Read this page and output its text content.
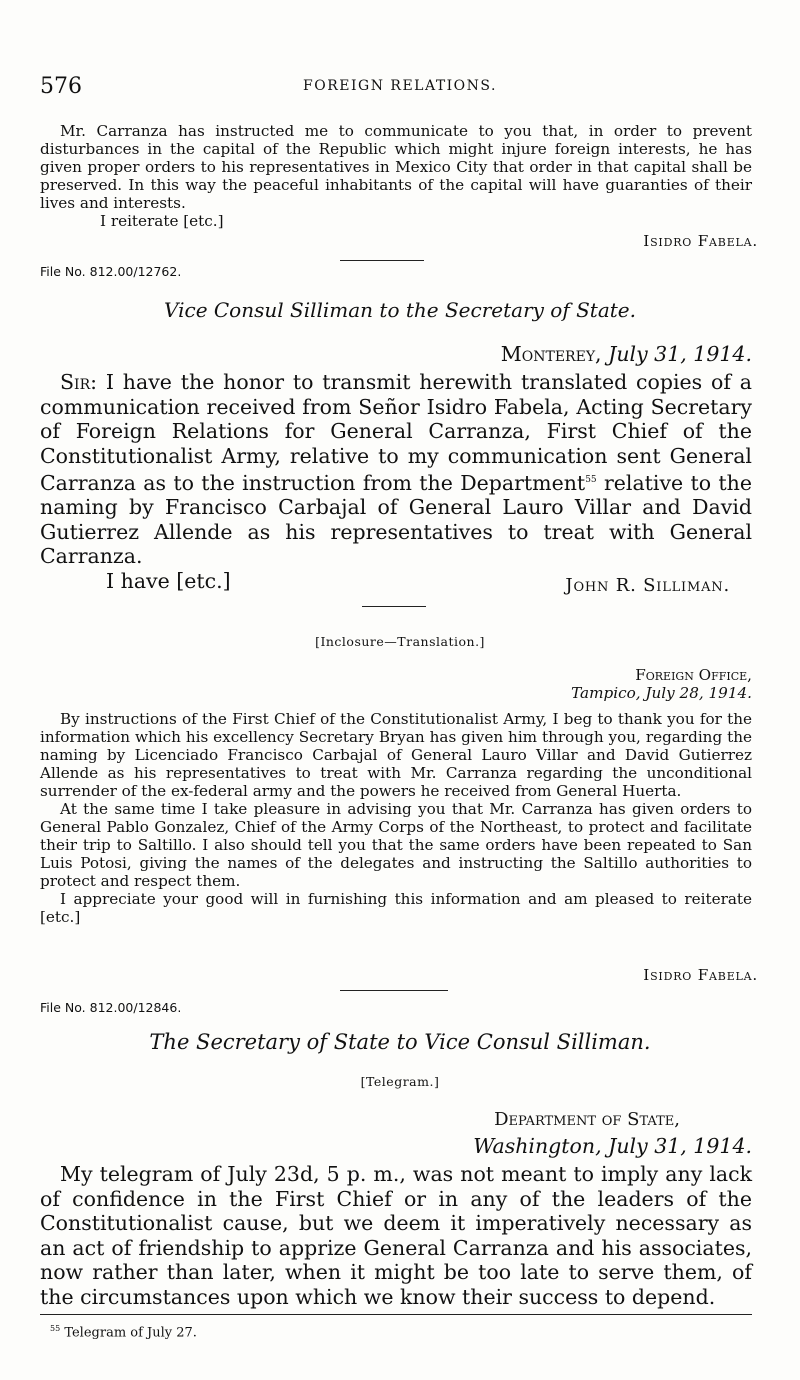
576	FOREIGN RELATIONS.

Mr. Carranza has instructed me to communicate to you that, in order to prevent disturbances in the capital of the Republic which might injure foreign interests, he has given proper orders to his representatives in Mexico City that order in that capital shall be preserved. In this way the peaceful inhabitants of the capital will have guaranties of their lives and interests.

I reiterate [etc.]

Isidro Fabela.
File No. 812.00/12762.
Vice Consul Silliman to the Secretary of State.
Monterey, July 31, 1914.

Sir: I have the honor to transmit herewith translated copies of a communication received from Señor Isidro Fabela, Acting Secretary of Foreign Relations for General Carranza, First Chief of the Constitutionalist Army, relative to my communication sent General Carranza as to the instruction from the Department$^{55}$ relative to the naming by Francisco Carbajal of General Lauro Villar and David Gutierrez Allende as his representatives to treat with General Carranza.

I have [etc.]	John R. Silliman.
[Inclosure—Translation.]
Foreign Office,
Tampico, July 28, 1914.

By instructions of the First Chief of the Constitutionalist Army, I beg to thank you for the information which his excellency Secretary Bryan has given him through you, regarding the naming by Licenciado Francisco Carbajal of General Lauro Villar and David Gutierrez Allende as his representatives to treat with Mr. Carranza regarding the unconditional surrender of the ex-federal army and the powers he received from General Huerta.

At the same time I take pleasure in advising you that Mr. Carranza has given orders to General Pablo Gonzalez, Chief of the Army Corps of the Northeast, to protect and facilitate their trip to Saltillo. I also should tell you that the same orders have been repeated to San Luis Potosi, giving the names of the delegates and instructing the Saltillo authorities to protect and respect them.

I appreciate your good will in furnishing this information and am pleased to reiterate [etc.]

Isidro Fabela.
File No. 812.00/12846.
The Secretary of State to Vice Consul Silliman.
[Telegram.]
Department of State,
Washington, July 31, 1914.

My telegram of July 23d, 5 p. m., was not meant to imply any lack of confidence in the First Chief or in any of the leaders of the Constitutionalist cause, but we deem it imperatively necessary as an act of friendship to apprize General Carranza and his associates, now rather than later, when it might be too late to serve them, of the circumstances upon which we know their success to depend.

$^{55}$ Telegram of July 27.
